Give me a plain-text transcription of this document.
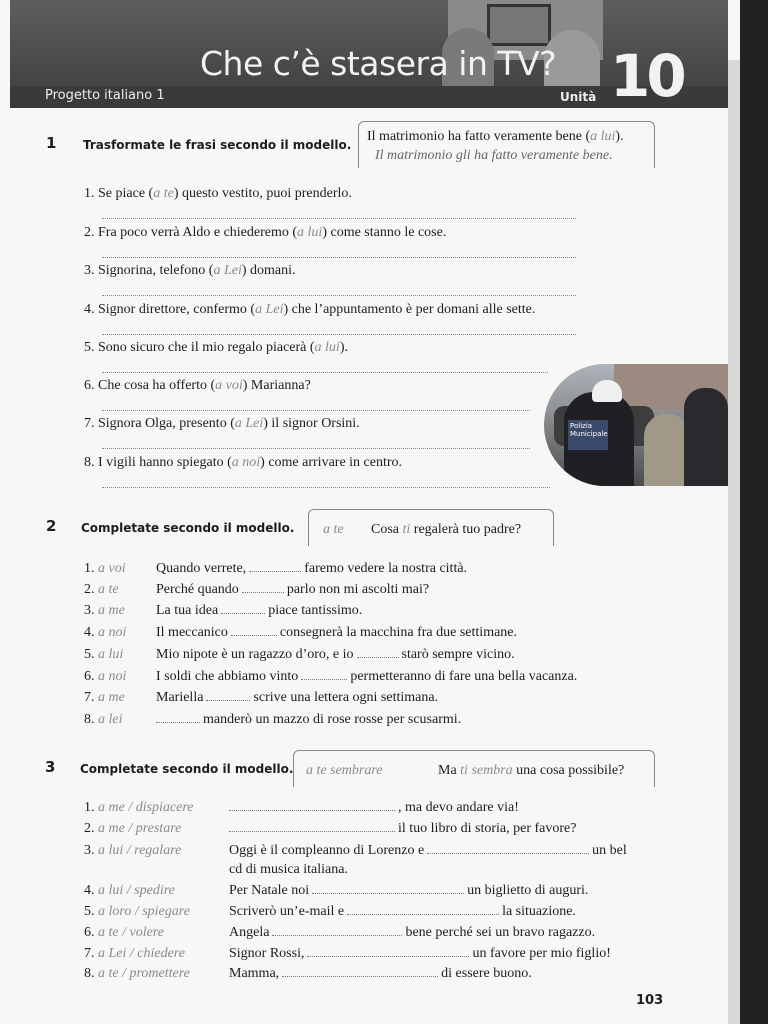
Che c’è stasera in TV?
Progetto italiano 1	Unità 10
1 Trasformate le frasi secondo il modello.
Il matrimonio ha fatto veramente bene (a lui).
Il matrimonio gli ha fatto veramente bene.
1. Se piace (a te) questo vestito, puoi prenderlo.
2. Fra poco verrà Aldo e chiederemo (a lui) come stanno le cose.
3. Signorina, telefono (a Lei) domani.
4. Signor direttore, confermo (a Lei) che l’appuntamento è per domani alle sette.
5. Sono sicuro che il mio regalo piacerà (a lui).
6. Che cosa ha offerto (a voi) Marianna?
7. Signora Olga, presento (a Lei) il signor Orsini.
8. I vigili hanno spiegato (a noi) come arrivare in centro.
Polizia Municipale
2 Completate secondo il modello. a te Cosa ti regalerà tuo padre?
1. a voi Quando verrete,	faremo vedere la nostra città.
2. a te	Perché quando	parlo non mi ascolti mai?
3. a me La tua idea	piace tantissimo.
4. a noi Il meccanico	consegnerà la macchina fra due settimane.
5. a lui Mio nipote è un ragazzo d’oro, e io	starò sempre vicino.
6. a noi I soldi che abbiamo vinto	permetteranno di fare una bella vacanza.
7. a me Mariella	scrive una lettera ogni settimana.
8. a lei	manderò un mazzo di rose rosse per scusarmi.
3 Completate secondo il modello. a te sembrare	Ma ti sembra una cosa possibile?
1. a me / dispiacere	, ma devo andare via!
2. a me / prestare	il tuo libro di storia, per favore?
3. a lui / regalare	Oggi è il compleanno di Lorenzo e	un bel
cd di musica italiana.
4. a lui / spedire	Per Natale noi	un biglietto di auguri.
5. a loro / spiegare	Scriverò un’e-mail e	la situazione.
6. a te / volere	Angela	bene perché sei un bravo ragazzo.
7. a Lei / chiedere	Signor Rossi,	un favore per mio figlio!
8. a te / promettere	Mamma,	di essere buono.
103
